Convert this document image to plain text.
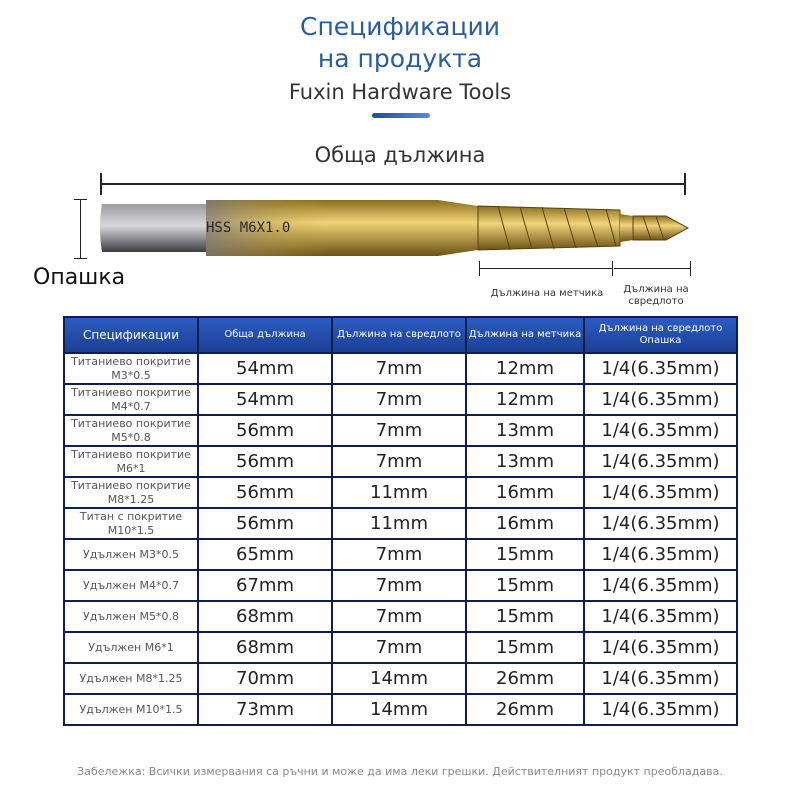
Спецификации
на продукта
Fuxin Hardware Tools
Обща дължина
Опашка
HSS M6X1.0
Дължина на метчика	Дължина на свредлото
Спецификации	Обща дължина	Дължина на свредлото	Дължина на метчика	Дължина на свредлото Опашка
Титаниево покритие M3*0.5	54mm	7mm	12mm	1/4(6.35mm)
Титаниево покритие M4*0.7	54mm	7mm	12mm	1/4(6.35mm)
Титаниево покритие M5*0.8	56mm	7mm	13mm	1/4(6.35mm)
Титаниево покритие M6*1	56mm	7mm	13mm	1/4(6.35mm)
Титаниево покритие M8*1.25	56mm	11mm	16mm	1/4(6.35mm)
Титан с покритие M10*1.5	56mm	11mm	16mm	1/4(6.35mm)
Удължен M3*0.5	65mm	7mm	15mm	1/4(6.35mm)
Удължен M4*0.7	67mm	7mm	15mm	1/4(6.35mm)
Удължен M5*0.8	68mm	7mm	15mm	1/4(6.35mm)
Удължен M6*1	68mm	7mm	15mm	1/4(6.35mm)
Удължен M8*1.25	70mm	14mm	26mm	1/4(6.35mm)
Удължен M10*1.5	73mm	14mm	26mm	1/4(6.35mm)
Забележка: Всички измервания са ръчни и може да има леки грешки. Действителният продукт преобладава.
